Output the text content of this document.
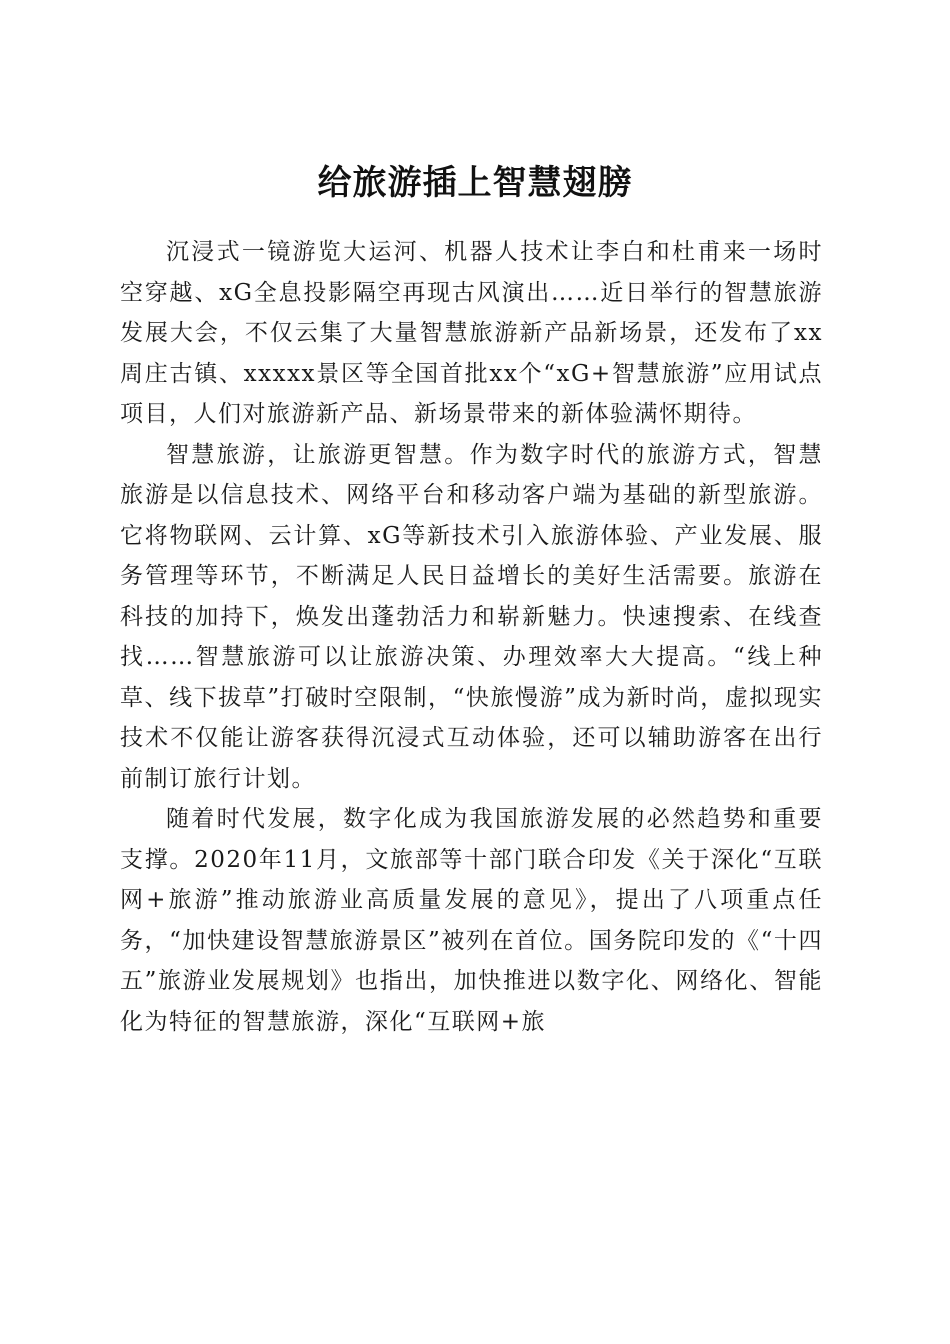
给旅游插上智慧翅膀

沉浸式一镜游览大运河、机器人技术让李白和杜甫来一场时空穿越、xG全息投影隔空再现古风演出……近日举行的智慧旅游发展大会，不仅云集了大量智慧旅游新产品新场景，还发布了xx周庄古镇、xxxxx景区等全国首批xx个“xG+智慧旅游”应用试点项目，人们对旅游新产品、新场景带来的新体验满怀期待。

智慧旅游，让旅游更智慧。作为数字时代的旅游方式，智慧旅游是以信息技术、网络平台和移动客户端为基础的新型旅游。它将物联网、云计算、xG等新技术引入旅游体验、产业发展、服务管理等环节，不断满足人民日益增长的美好生活需要。旅游在科技的加持下，焕发出蓬勃活力和崭新魅力。快速搜索、在线查找……智慧旅游可以让旅游决策、办理效率大大提高。“线上种草、线下拔草”打破时空限制，“快旅慢游”成为新时尚，虚拟现实技术不仅能让游客获得沉浸式互动体验，还可以辅助游客在出行前制订旅行计划。

随着时代发展，数字化成为我国旅游发展的必然趋势和重要支撑。2020年11月，文旅部等十部门联合印发《关于深化“互联网+旅游”推动旅游业高质量发展的意见》，提出了八项重点任务，“加快建设智慧旅游景区”被列在首位。国务院印发的《“十四五”旅游业发展规划》也指出，加快推进以数字化、网络化、智能化为特征的智慧旅游，深化“互联网+旅
